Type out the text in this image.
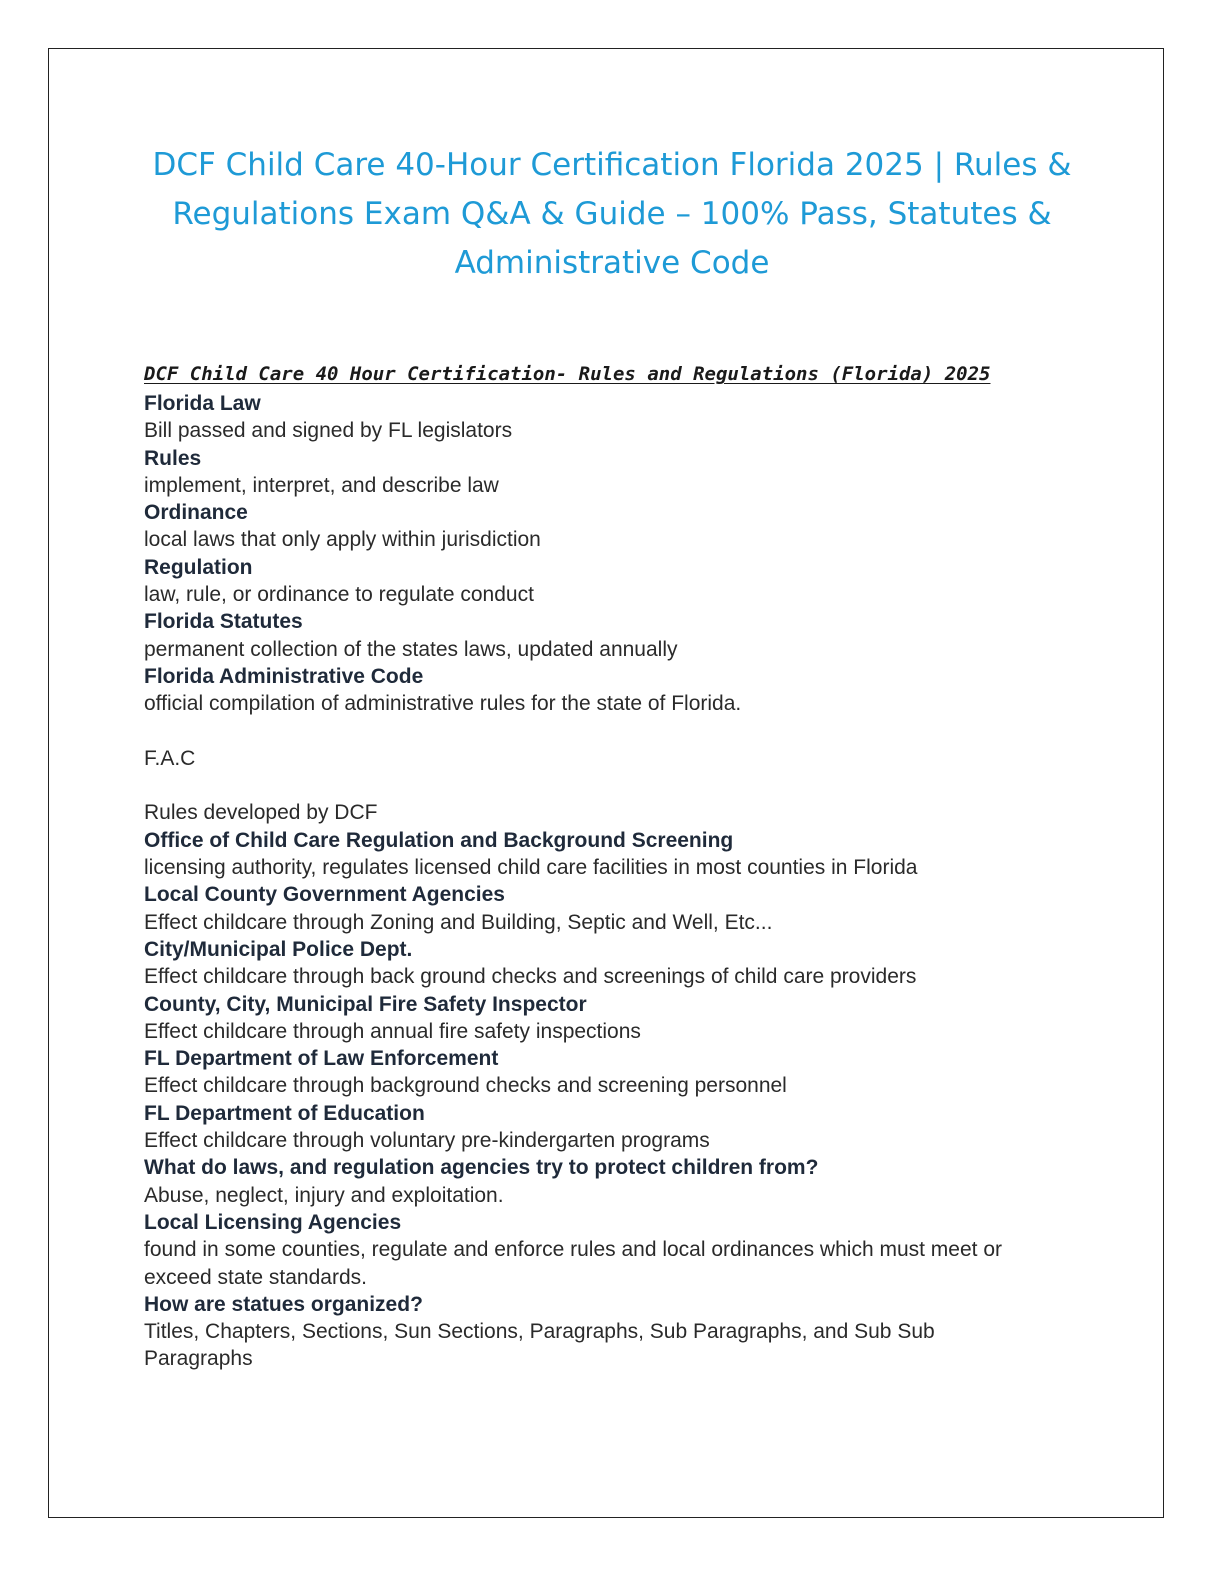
DCF Child Care 40-Hour Certification Florida 2025 | Rules & Regulations Exam Q&A & Guide – 100% Pass, Statutes & Administrative Code

DCF Child Care 40 Hour Certification- Rules and Regulations (Florida) 2025

Florida Law

Bill passed and signed by FL legislators

Rules

implement, interpret, and describe law

Ordinance

local laws that only apply within jurisdiction

Regulation

law, rule, or ordinance to regulate conduct

Florida Statutes

permanent collection of the states laws, updated annually

Florida Administrative Code

official compilation of administrative rules for the state of Florida.

F.A.C

Rules developed by DCF

Office of Child Care Regulation and Background Screening

licensing authority, regulates licensed child care facilities in most counties in Florida

Local County Government Agencies

Effect childcare through Zoning and Building, Septic and Well, Etc...

City/Municipal Police Dept.

Effect childcare through back ground checks and screenings of child care providers

County, City, Municipal Fire Safety Inspector

Effect childcare through annual fire safety inspections

FL Department of Law Enforcement

Effect childcare through background checks and screening personnel

FL Department of Education

Effect childcare through voluntary pre-kindergarten programs

What do laws, and regulation agencies try to protect children from?

Abuse, neglect, injury and exploitation.

Local Licensing Agencies

found in some counties, regulate and enforce rules and local ordinances which must meet or exceed state standards.

How are statues organized?

Titles, Chapters, Sections, Sun Sections, Paragraphs, Sub Paragraphs, and Sub Sub Paragraphs
